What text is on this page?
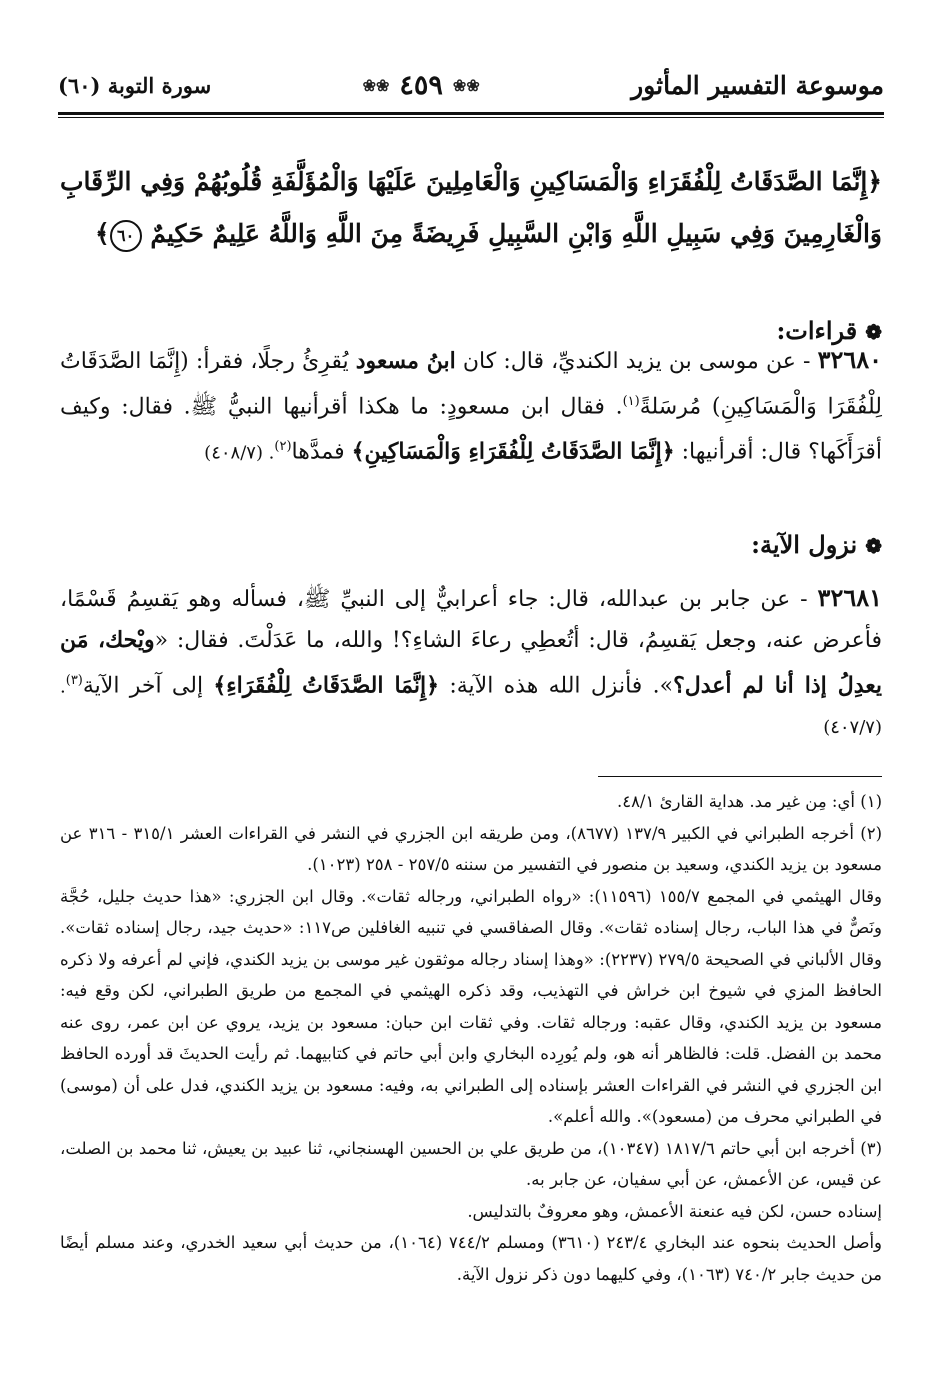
موسوعة التفسير المأثور
❀❀
٤٥٩
❀❀
سورة التوبة (٦٠)
﴿إِنَّمَا الصَّدَقَاتُ لِلْفُقَرَاءِ وَالْمَسَاكِينِ وَالْعَامِلِينَ عَلَيْهَا وَالْمُؤَلَّفَةِ قُلُوبُهُمْ وَفِي الرِّقَابِ وَالْغَارِمِينَ وَفِي سَبِيلِ اللَّهِ وَابْنِ السَّبِيلِ فَرِيضَةً مِنَ اللَّهِ وَاللَّهُ عَلِيمٌ حَكِيمٌ ٦٠﴾
❁قراءات:
٣٢٦٨٠ - عن موسى بن يزيد الكنديِّ، قال: كان ابنُ مسعود يُقرِئُ رجلًا، فقرأ: (إِنَّمَا الصَّدَقَاتُ لِلْفُقَرَا وَالْمَسَاكِينِ) مُرسَلةً$^{(١)}$. فقال ابن مسعودٍ: ما هكذا أقرأنيها النبيُّ ﷺ. فقال: وكيف أقرَأَكَها؟ قال: أقرأنيها: ﴿إِنَّمَا الصَّدَقَاتُ لِلْفُقَرَاءِ وَالْمَسَاكِينِ﴾ فمدَّها$^{(٢)}$. (٤٠٨/٧)
❁نزول الآية:
٣٢٦٨١ - عن جابر بن عبدالله، قال: جاء أعرابيٌّ إلى النبيِّ ﷺ، فسأله وهو يَقسِمُ قَسْمًا، فأعرض عنه، وجعل يَقسِمُ، قال: أتُعطِي رعاءَ الشاءِ؟! والله، ما عَدَلْتَ. فقال: «ويْحك، مَن يعدِلُ إذا أنا لم أعدل؟». فأنزل الله هذه الآية: ﴿إِنَّمَا الصَّدَقَاتُ لِلْفُقَرَاءِ﴾ إلى آخر الآية$^{(٣)}$. (٤٠٧/٧)

(١) أي: مِن غير مد. هداية القارئ ٤٨/١.

(٢) أخرجه الطبراني في الكبير ١٣٧/٩ (٨٦٧٧)، ومن طريقه ابن الجزري في النشر في القراءات العشر ٣١٥/١ - ٣١٦ عن مسعود بن يزيد الكندي، وسعيد بن منصور في التفسير من سننه ٢٥٧/٥ - ٢٥٨ (١٠٢٣).

وقال الهيثمي في المجمع ١٥٥/٧ (١١٥٩٦): «رواه الطبراني، ورجاله ثقات». وقال ابن الجزري: «هذا حديث جليل، حُجَّة ونَصٌّ في هذا الباب، رجال إسناده ثقات». وقال الصفاقسي في تنبيه الغافلين ص١١٧: «حديث جيد، رجال إسناده ثقات». وقال الألباني في الصحيحة ٢٧٩/٥ (٢٢٣٧): «وهذا إسناد رجاله موثقون غير موسى بن يزيد الكندي، فإني لم أعرفه ولا ذكره الحافظ المزي في شيوخ ابن خراش في التهذيب، وقد ذكره الهيثمي في المجمع من طريق الطبراني، لكن وقع فيه: مسعود بن يزيد الكندي، وقال عقبه: ورجاله ثقات. وفي ثقات ابن حبان: مسعود بن يزيد، يروي عن ابن عمر، روى عنه محمد بن الفضل. قلت: فالظاهر أنه هو، ولم يُورِده البخاري وابن أبي حاتم في كتابيهما. ثم رأيت الحديثَ قد أورده الحافظ ابن الجزري في النشر في القراءات العشر بإسناده إلى الطبراني به، وفيه: مسعود بن يزيد الكندي، فدل على أن (موسى) في الطبراني محرف من (مسعود)». والله أعلم».

(٣) أخرجه ابن أبي حاتم ١٨١٧/٦ (١٠٣٤٧)، من طريق علي بن الحسين الهسنجاني، ثنا عبيد بن يعيش، ثنا محمد بن الصلت، عن قيس، عن الأعمش، عن أبي سفيان، عن جابر به.

إسناده حسن، لكن فيه عنعنة الأعمش، وهو معروفٌ بالتدليس.

وأصل الحديث بنحوه عند البخاري ٢٤٣/٤ (٣٦١٠) ومسلم ٧٤٤/٢ (١٠٦٤)، من حديث أبي سعيد الخدري، وعند مسلم أيضًا من حديث جابر ٧٤٠/٢ (١٠٦٣)، وفي كليهما دون ذكر نزول الآية.
